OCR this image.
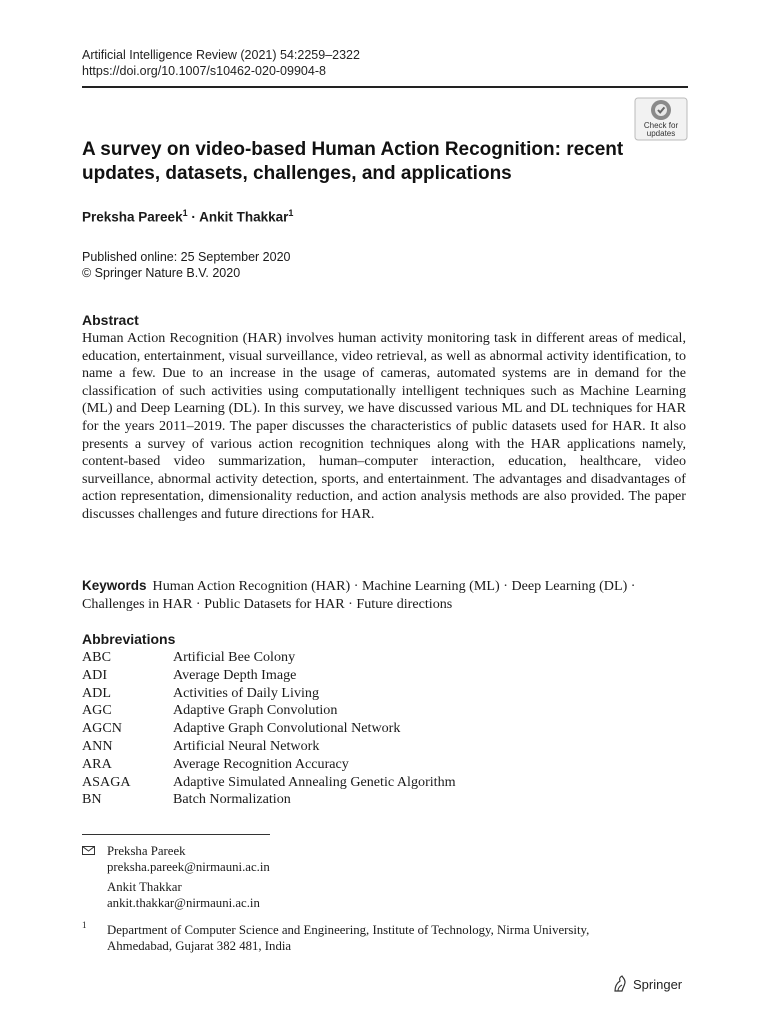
Artificial Intelligence Review (2021) 54:2259–2322
https://doi.org/10.1007/s10462-020-09904-8
Check for
updates
A survey on video-based Human Action Recognition: recent updates, datasets, challenges, and applications
Preksha Pareek$^1$ · Ankit Thakkar$^1$
Published online: 25 September 2020
© Springer Nature B.V. 2020
Abstract
Human Action Recognition (HAR) involves human activity monitoring task in different areas of medical, education, entertainment, visual surveillance, video retrieval, as well as abnormal activity identification, to name a few. Due to an increase in the usage of cameras, automated systems are in demand for the classification of such activities using computationally intelligent techniques such as Machine Learning (ML) and Deep Learning (DL). In this survey, we have discussed various ML and DL techniques for HAR for the years 2011–2019. The paper discusses the characteristics of public datasets used for HAR. It also presents a survey of various action recognition techniques along with the HAR applications namely, content-based video summarization, human–computer interaction, education, healthcare, video surveillance, abnormal activity detection, sports, and entertainment. The advantages and disadvantages of action representation, dimensionality reduction, and action analysis methods are also provided. The paper discusses challenges and future directions for HAR.
Keywords Human Action Recognition (HAR) · Machine Learning (ML) · Deep Learning (DL) · Challenges in HAR · Public Datasets for HAR · Future directions
Abbreviations
ABC	Artificial Bee Colony
ADI	Average Depth Image
ADL	Activities of Daily Living
AGC	Adaptive Graph Convolution
AGCN	Adaptive Graph Convolutional Network
ANN	Artificial Neural Network
ARA	Average Recognition Accuracy
ASAGA	Adaptive Simulated Annealing Genetic Algorithm
BN	Batch Normalization
Preksha Pareek
preksha.pareek@nirmauni.ac.in
Ankit Thakkar
ankit.thakkar@nirmauni.ac.in
1 Department of Computer Science and Engineering, Institute of Technology, Nirma University,
Ahmedabad, Gujarat 382 481, India
Springer
